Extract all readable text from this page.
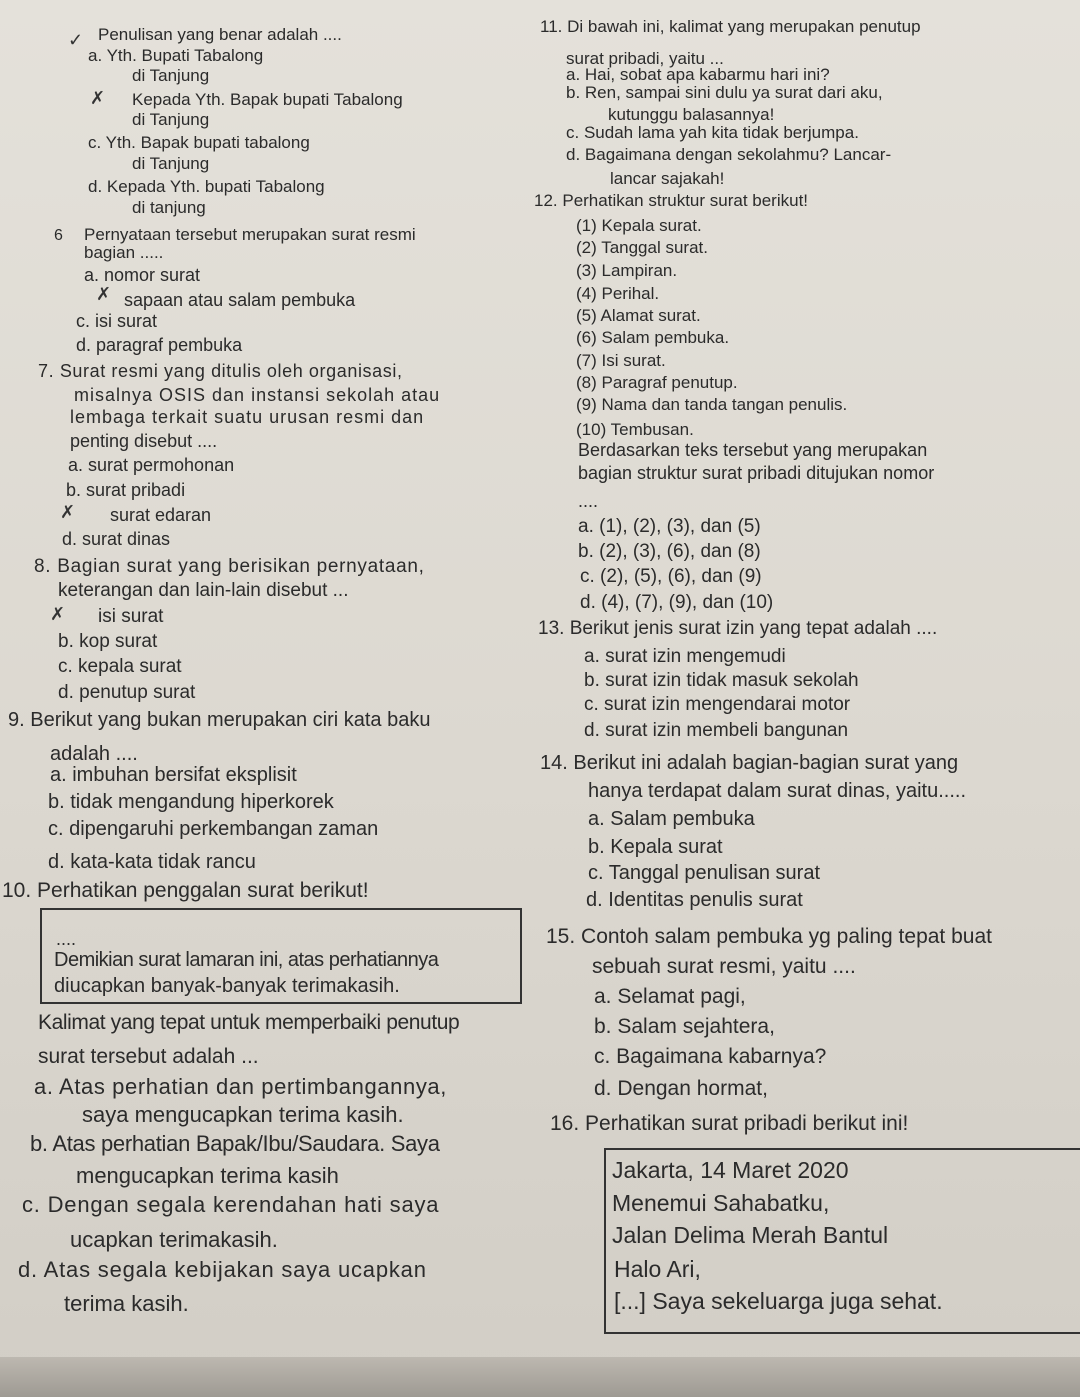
✓ Penulisan yang benar adalah ....
a. Yth. Bupati Tabalong
di Tanjung
✗ Kepada Yth. Bapak bupati Tabalong
di Tanjung
c. Yth. Bapak bupati tabalong
di Tanjung
d. Kepada Yth. bupati Tabalong
di tanjung
6 Pernyataan tersebut merupakan surat resmi
bagian .....
a. nomor surat
✗ sapaan atau salam pembuka
c. isi surat
d. paragraf pembuka
7. Surat resmi yang ditulis oleh organisasi,
misalnya OSIS dan instansi sekolah atau
lembaga terkait suatu urusan resmi dan
penting disebut ....
a. surat permohonan
b. surat pribadi
✗ surat edaran
d. surat dinas
8. Bagian surat yang berisikan pernyataan,
keterangan dan lain-lain disebut ...
✗ isi surat
b. kop surat
c. kepala surat
d. penutup surat
9. Berikut yang bukan merupakan ciri kata baku
adalah ....
a. imbuhan bersifat eksplisit
b. tidak mengandung hiperkorek
c. dipengaruhi perkembangan zaman
d. kata-kata tidak rancu
10. Perhatikan penggalan surat berikut!
....
Demikian surat lamaran ini, atas perhatiannya
diucapkan banyak-banyak terimakasih.
Kalimat yang tepat untuk memperbaiki penutup
surat tersebut adalah ...
a. Atas perhatian dan pertimbangannya,
saya mengucapkan terima kasih.
b. Atas perhatian Bapak/Ibu/Saudara. Saya
mengucapkan terima kasih
c. Dengan segala kerendahan hati saya
ucapkan terimakasih.
d. Atas segala kebijakan saya ucapkan
terima kasih.
11. Di bawah ini, kalimat yang merupakan penutup
surat pribadi, yaitu ...
a. Hai, sobat apa kabarmu hari ini?
b. Ren, sampai sini dulu ya surat dari aku,
kutunggu balasannya!
c. Sudah lama yah kita tidak berjumpa.
d. Bagaimana dengan sekolahmu? Lancar-
lancar sajakah!
12. Perhatikan struktur surat berikut!
(1) Kepala surat.
(2) Tanggal surat.
(3) Lampiran.
(4) Perihal.
(5) Alamat surat.
(6) Salam pembuka.
(7) Isi surat.
(8) Paragraf penutup.
(9) Nama dan tanda tangan penulis.
(10) Tembusan.
Berdasarkan teks tersebut yang merupakan
bagian struktur surat pribadi ditujukan nomor
....
a. (1), (2), (3), dan (5)
b. (2), (3), (6), dan (8)
c. (2), (5), (6), dan (9)
d. (4), (7), (9), dan (10)
13. Berikut jenis surat izin yang tepat adalah ....
a. surat izin mengemudi
b. surat izin tidak masuk sekolah
c. surat izin mengendarai motor
d. surat izin membeli bangunan
14. Berikut ini adalah bagian-bagian surat yang
hanya terdapat dalam surat dinas, yaitu.....
a. Salam pembuka
b. Kepala surat
c. Tanggal penulisan surat
d. Identitas penulis surat
15. Contoh salam pembuka yg paling tepat buat
sebuah surat resmi, yaitu ....
a. Selamat pagi,
b. Salam sejahtera,
c. Bagaimana kabarnya?
d. Dengan hormat,
16. Perhatikan surat pribadi berikut ini!
Jakarta, 14 Maret 2020
Menemui Sahabatku,
Jalan Delima Merah Bantul
Halo Ari,
[...] Saya sekeluarga juga sehat.
